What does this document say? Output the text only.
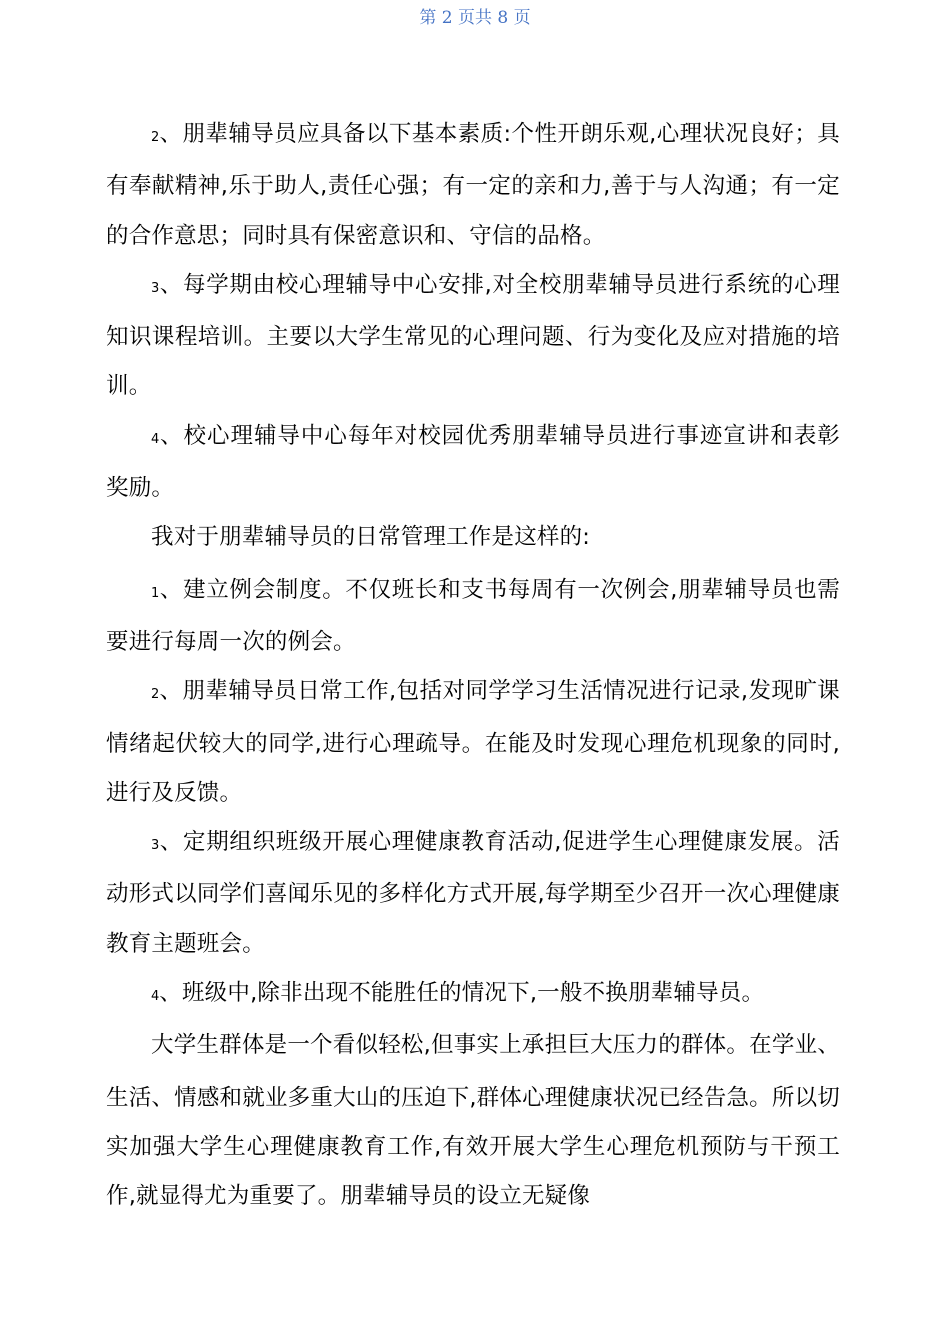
第 2 页共 8 页

2、朋辈辅导员应具备以下基本素质:个性开朗乐观,心理状况良好；具有奉献精神,乐于助人,责任心强；有一定的亲和力,善于与人沟通；有一定的合作意思；同时具有保密意识和、守信的品格。

3、每学期由校心理辅导中心安排,对全校朋辈辅导员进行系统的心理知识课程培训。主要以大学生常见的心理问题、行为变化及应对措施的培训。

4、校心理辅导中心每年对校园优秀朋辈辅导员进行事迹宣讲和表彰奖励。

我对于朋辈辅导员的日常管理工作是这样的:

1、建立例会制度。不仅班长和支书每周有一次例会,朋辈辅导员也需要进行每周一次的例会。

2、朋辈辅导员日常工作,包括对同学学习生活情况进行记录,发现旷课情绪起伏较大的同学,进行心理疏导。在能及时发现心理危机现象的同时,进行及反馈。

3、定期组织班级开展心理健康教育活动,促进学生心理健康发展。活动形式以同学们喜闻乐见的多样化方式开展,每学期至少召开一次心理健康教育主题班会。

4、班级中,除非出现不能胜任的情况下,一般不换朋辈辅导员。

大学生群体是一个看似轻松,但事实上承担巨大压力的群体。在学业、生活、情感和就业多重大山的压迫下,群体心理健康状况已经告急。所以切实加强大学生心理健康教育工作,有效开展大学生心理危机预防与干预工作,就显得尤为重要了。朋辈辅导员的设立无疑像
